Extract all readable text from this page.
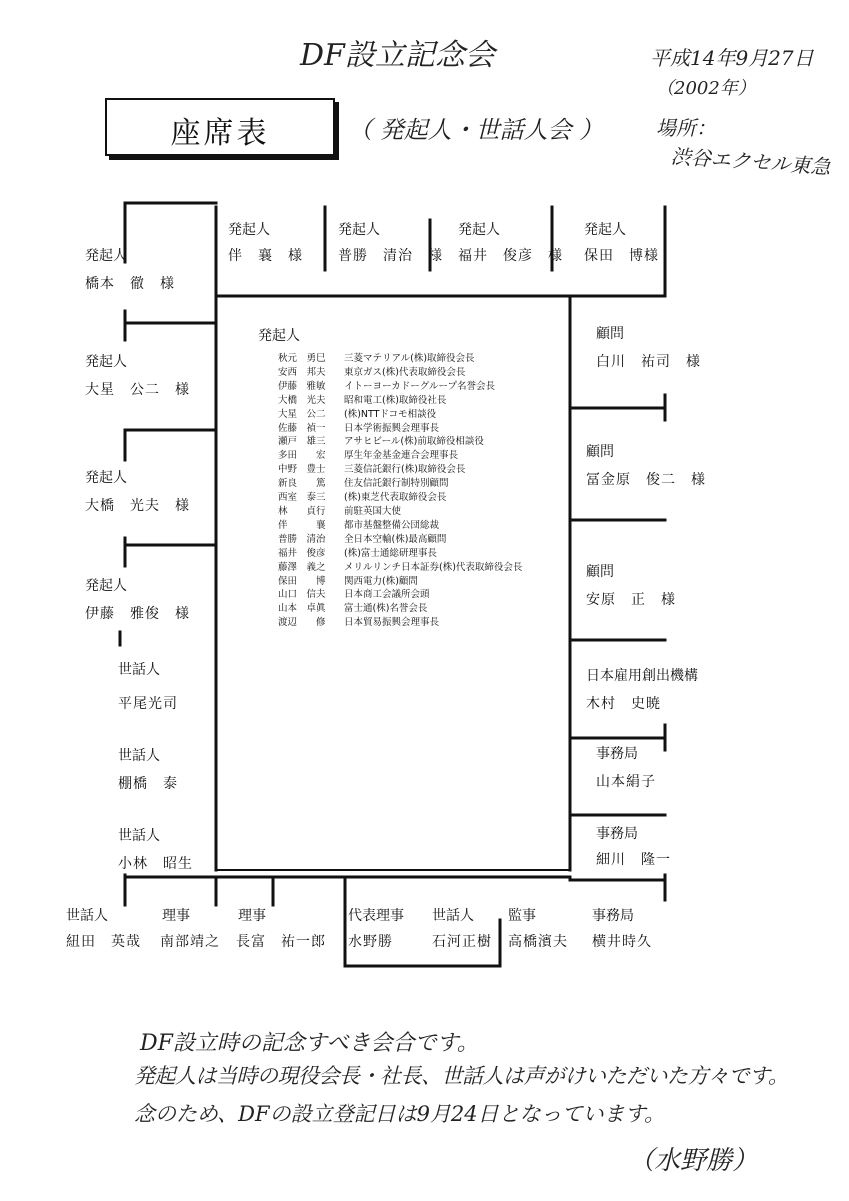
DF設立記念会	平成14年9月27日
（2002年）
場所：
渋谷エクセル東急
座席表	（ 発起人・世話人会 ）
発起人
伴　襄　様
発起人
普勝　清治　様
発起人
福井　俊彦　様
発起人
保田　博様
発起人
橋本　徹　様
発起人
大星　公二　様
発起人
大橋　光夫　様
発起人
伊藤　雅俊　様
世話人
平尾光司
世話人
棚橋　泰
世話人
小林　昭生
顧問
白川　祐司　様
顧問
冨金原　俊二　様
顧問
安原　正　様
日本雇用創出機構
木村　史暁
事務局
山本絹子
事務局
細川　隆一
世話人
紐田　英哉
理事
南部靖之
理事
長富　祐一郎
代表理事
水野勝
世話人
石河正樹
監事
高橋濱夫
事務局
横井時久
発起人
秋元　勇巳	三菱マテリアル(株)取締役会長
安西　邦夫	東京ガス(株)代表取締役会長
伊藤　雅敏	イトーヨーカドーグループ名誉会長
大橋　光夫	昭和電工(株)取締役社長
大星　公二	(株)NTTドコモ相談役
佐藤　禎一	日本学術振興会理事長
瀬戸　雄三	アサヒビール(株)前取締役相談役
多田　　宏	厚生年金基金連合会理事長
中野　豊士	三菱信託銀行(株)取締役会長
新良　　篤	住友信託銀行制特別顧問
西室　泰三	(株)東芝代表取締役会長
林　　貞行	前駐英国大使
伴　　　襄	都市基盤整備公団総裁
普勝　清治	全日本空輸(株)最高顧問
福井　俊彦	(株)富士通総研理事長
藤澤　義之	メリルリンチ日本証券(株)代表取締役会長
保田　　博	関西電力(株)顧問
山口　信夫	日本商工会議所会頭
山本　卓眞	富士通(株)名誉会長
渡辺　　修	日本貿易振興会理事長
DF設立時の記念すべき会合です。
発起人は当時の現役会長・社長、世話人は声がけいただいた方々です。
念のため、DFの設立登記日は9月24日となっています。
（水野勝）
